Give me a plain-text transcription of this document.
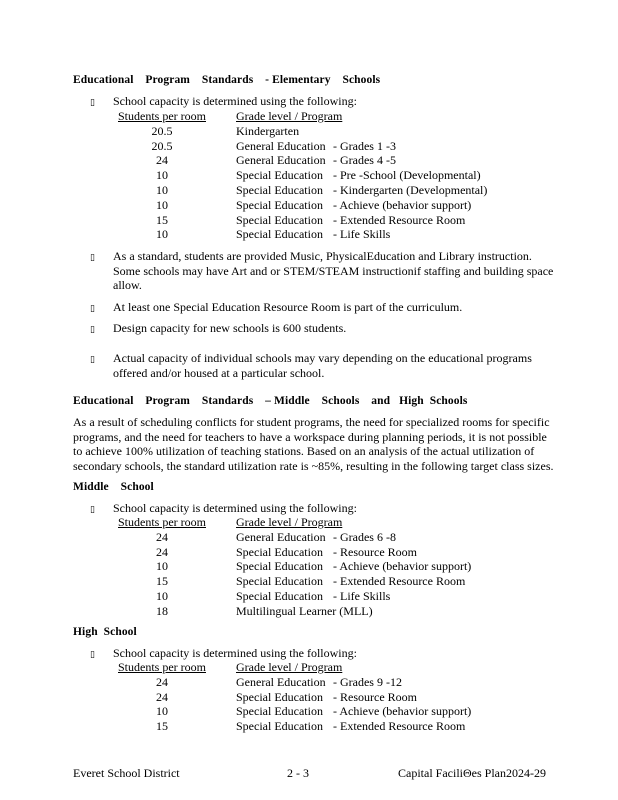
Educational    Program    Standards    - Elementary    Schools
▯ School capacity is determined using the following:
Students per room	Grade level / Program
20.5	Kindergarten
20.5	General Education - Grades 1 -3
24	General Education - Grades 4 -5
10	Special Education - Pre -School (Developmental)
10	Special Education - Kindergarten (Developmental)
10	Special Education - Achieve (behavior support)
15	Special Education - Extended Resource Room
10	Special Education - Life Skills
▯ As a standard, students are provided Music, PhysicalEducation and Library instruction.
Some schools may have Art and or STEM/STEAM instructionif staffing and building space
allow.
▯ At least one Special Education Resource Room is part of the curriculum.
▯ Design capacity for new schools is 600 students.
▯ Actual capacity of individual schools may vary depending on the educational programs
offered and/or housed at a particular school.
Educational    Program    Standards    – Middle    Schools    and   High  Schools
As a result of scheduling conflicts for student programs, the need for specialized rooms for specific
programs, and the need for teachers to have a workspace during planning periods, it is not possible
to achieve 100% utilization of teaching stations. Based on an analysis of the actual utilization of
secondary schools, the standard utilization rate is ~85%, resulting in the following target class sizes.
Middle    School
▯ School capacity is determined using the following:
Students per room	Grade level / Program
24	General Education - Grades 6 -8
24	Special Education - Resource Room
10	Special Education - Achieve (behavior support)
15	Special Education - Extended Resource Room
10	Special Education - Life Skills
18	Multilingual Learner (MLL)
High  School
▯ School capacity is determined using the following:
Students per room	Grade level / Program
24	General Education - Grades 9 -12
24	Special Education - Resource Room
10	Special Education - Achieve (behavior support)
15	Special Education - Extended Resource Room
Everet School District	2 - 3	Capital FaciliΘes Plan2024-29
